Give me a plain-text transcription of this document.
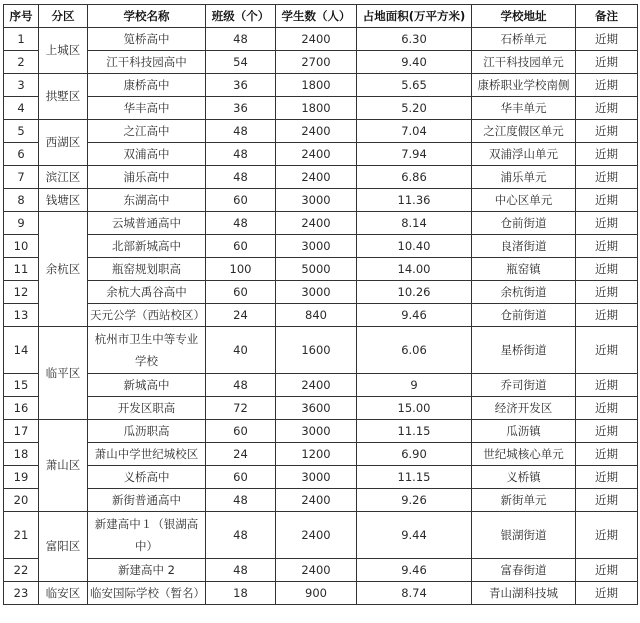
序号	分区	学校名称	班级（个）	学生数（人）	占地面积(万平方米)	学校地址	备注
1	上城区	笕桥高中	48	2400	6.30	石桥单元	近期
2		江干科技园高中	54	2700	9.40	江干科技园单元	近期
3	拱墅区	康桥高中	36	1800	5.65	康桥职业学校南侧	近期
4		华丰高中	36	1800	5.20	华丰单元	近期
5	西湖区	之江高中	48	2400	7.04	之江度假区单元	近期
6		双浦高中	48	2400	7.94	双浦浮山单元	近期
7	滨江区	浦乐高中	48	2400	6.86	浦乐单元	近期
8	钱塘区	东湖高中	60	3000	11.36	中心区单元	近期
9	余杭区	云城普通高中	48	2400	8.14	仓前街道	近期
10		北部新城高中	60	3000	10.40	良渚街道	近期
11		瓶窑规划职高	100	5000	14.00	瓶窑镇	近期
12		余杭大禹谷高中	60	3000	10.26	余杭街道	近期
13		天元公学（西站校区）	24	840	9.46	仓前街道	近期
14	临平区	杭州市卫生中等专业学校	40	1600	6.06	星桥街道	近期
15		新城高中	48	2400	9	乔司街道	近期
16		开发区职高	72	3600	15.00	经济开发区	近期
17	萧山区	瓜沥职高	60	3000	11.15	瓜沥镇	近期
18		萧山中学世纪城校区	24	1200	6.90	世纪城核心单元	近期
19		义桥高中	60	3000	11.15	义桥镇	近期
20		新街普通高中	48	2400	9.26	新街单元	近期
21	富阳区	新建高中１（银湖高中）	48	2400	9.44	银湖街道	近期
22		新建高中 2	48	2400	9.46	富春街道	近期
23	临安区	临安国际学校（暂名）	18	900	8.74	青山湖科技城	近期
